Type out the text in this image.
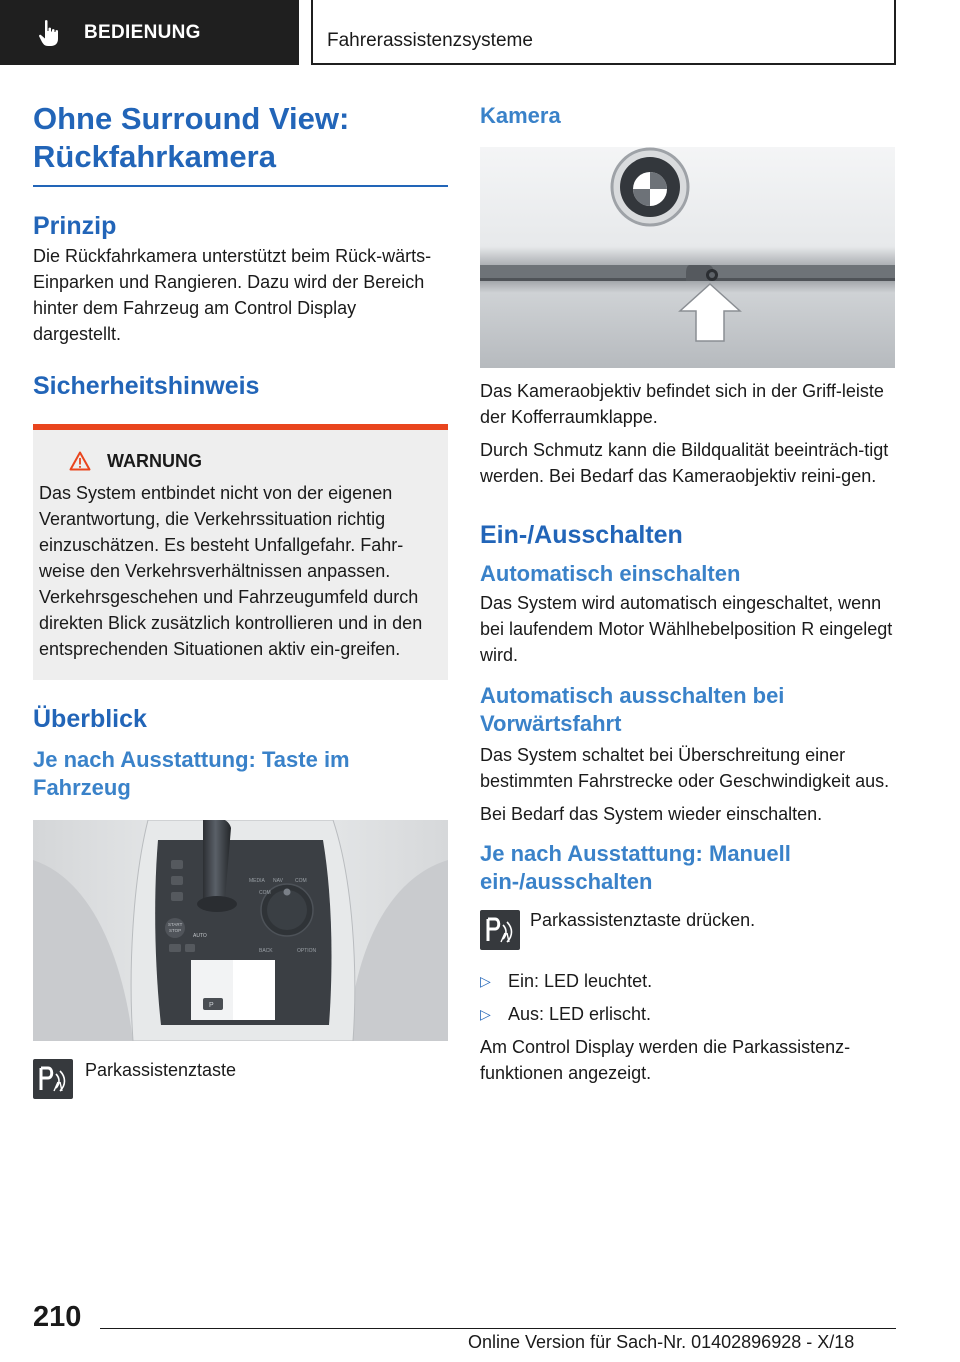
BEDIENUNG	Fahrerassistenzsysteme
Ohne Surround View:
Rückfahrkamera
Prinzip
Die Rückfahrkamera unterstützt beim Rück-wärts-Einparken und Rangieren. Dazu wird der Bereich hinter dem Fahrzeug am Control Display dargestellt.
Sicherheitshinweis
WARNUNG
Das System entbindet nicht von der eigenen Verantwortung, die Verkehrssituation richtig einzuschätzen. Es besteht Unfallgefahr. Fahr-weise den Verkehrsverhältnissen anpassen. Verkehrsgeschehen und Fahrzeugumfeld durch direkten Blick zusätzlich kontrollieren und in den entsprechenden Situationen aktiv ein-greifen.
Überblick
Je nach Ausstattung: Taste im Fahrzeug
MEDIA NAV COM
COM
BACK	OPTION
START
STOP
AUTO
P
Parkassistenztaste
Kamera
Das Kameraobjektiv befindet sich in der Griff-leiste der Kofferraumklappe.
Durch Schmutz kann die Bildqualität beeinträch-tigt werden. Bei Bedarf das Kameraobjektiv reini-gen.
Ein-/Ausschalten
Automatisch einschalten
Das System wird automatisch eingeschaltet, wenn bei laufendem Motor Wählhebelposition R eingelegt wird.
Automatisch ausschalten bei Vorwärtsfahrt
Das System schaltet bei Überschreitung einer bestimmten Fahrstrecke oder Geschwindigkeit aus.
Bei Bedarf das System wieder einschalten.
Je nach Ausstattung: Manuell ein-/ausschalten
Parkassistenztaste drücken.
▷ Ein: LED leuchtet.
▷ Aus: LED erlischt.
Am Control Display werden die Parkassistenz-funktionen angezeigt.
210
Online Version für Sach-Nr. 01402896928 - X/18
